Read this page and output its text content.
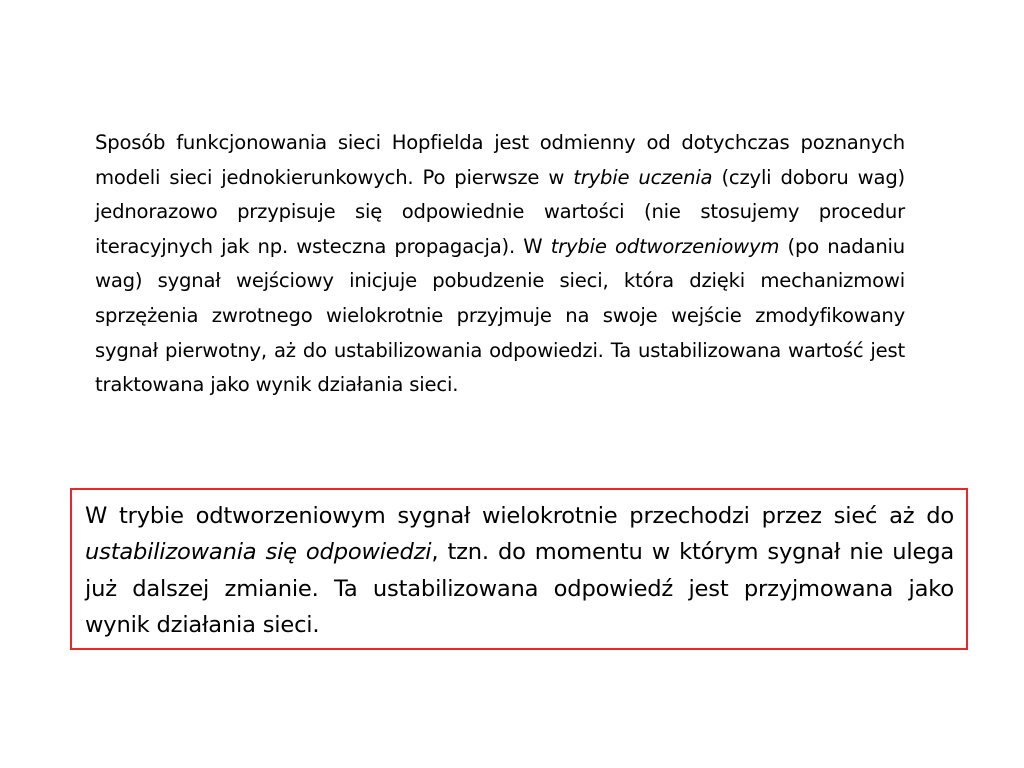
Sposób funkcjonowania sieci Hopfielda jest odmienny od dotychczas poznanych modeli sieci jednokierunkowych. Po pierwsze w trybie uczenia (czyli doboru wag) jednorazowo przypisuje się odpowiednie wartości (nie stosujemy procedur iteracyjnych jak np. wsteczna propagacja). W trybie odtworzeniowym (po nadaniu wag) sygnał wejściowy inicjuje pobudzenie sieci, która dzięki mechanizmowi sprzężenia zwrotnego wielokrotnie przyjmuje na swoje wejście zmodyfikowany sygnał pierwotny, aż do ustabilizowania odpowiedzi. Ta ustabilizowana wartość jest traktowana jako wynik działania sieci.

W trybie odtworzeniowym sygnał wielokrotnie przechodzi przez sieć aż do ustabilizowania się odpowiedzi, tzn. do momentu w którym sygnał nie ulega już dalszej zmianie. Ta ustabilizowana odpowiedź jest przyjmowana jako wynik działania sieci.
